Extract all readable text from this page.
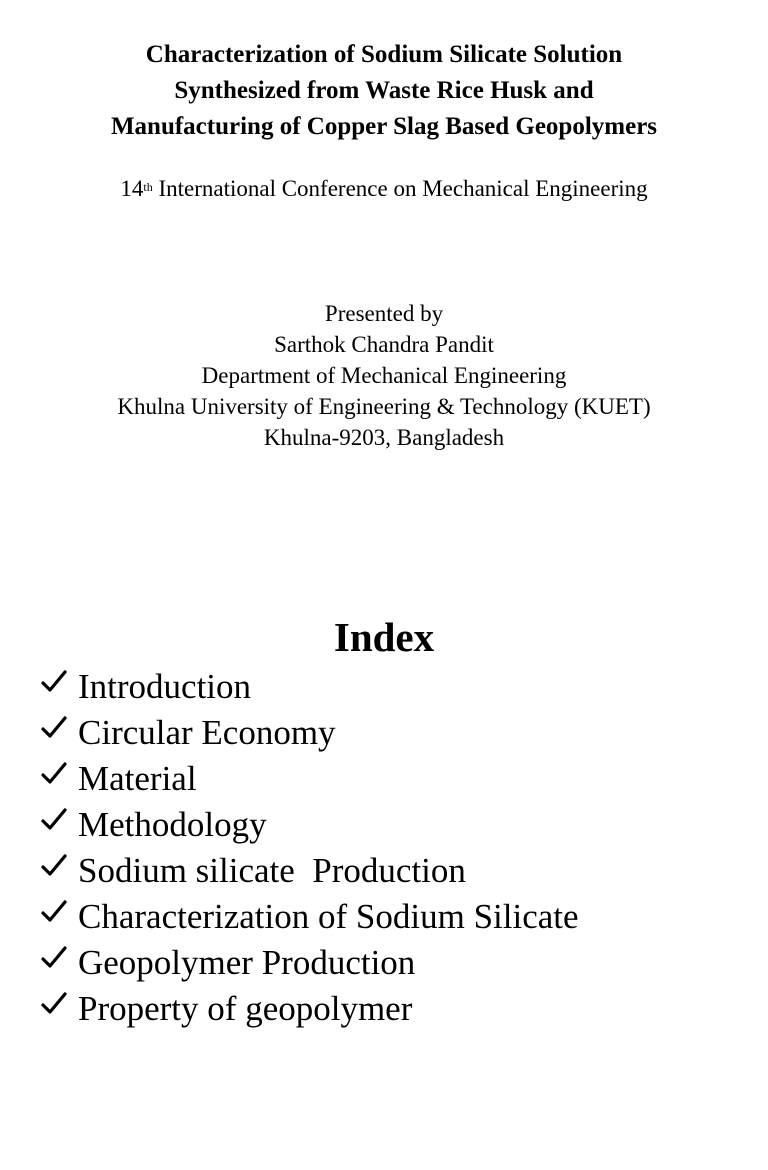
Characterization of Sodium Silicate Solution
Synthesized from Waste Rice Husk and
Manufacturing of Copper Slag Based Geopolymers
14th International Conference on Mechanical Engineering
Presented by
Sarthok Chandra Pandit
Department of Mechanical Engineering
Khulna University of Engineering & Technology (KUET)
Khulna-9203, Bangladesh
Index

Introduction

Circular Economy

Material

Methodology

Sodium silicate  Production

Characterization of Sodium Silicate

Geopolymer Production

Property of geopolymer
